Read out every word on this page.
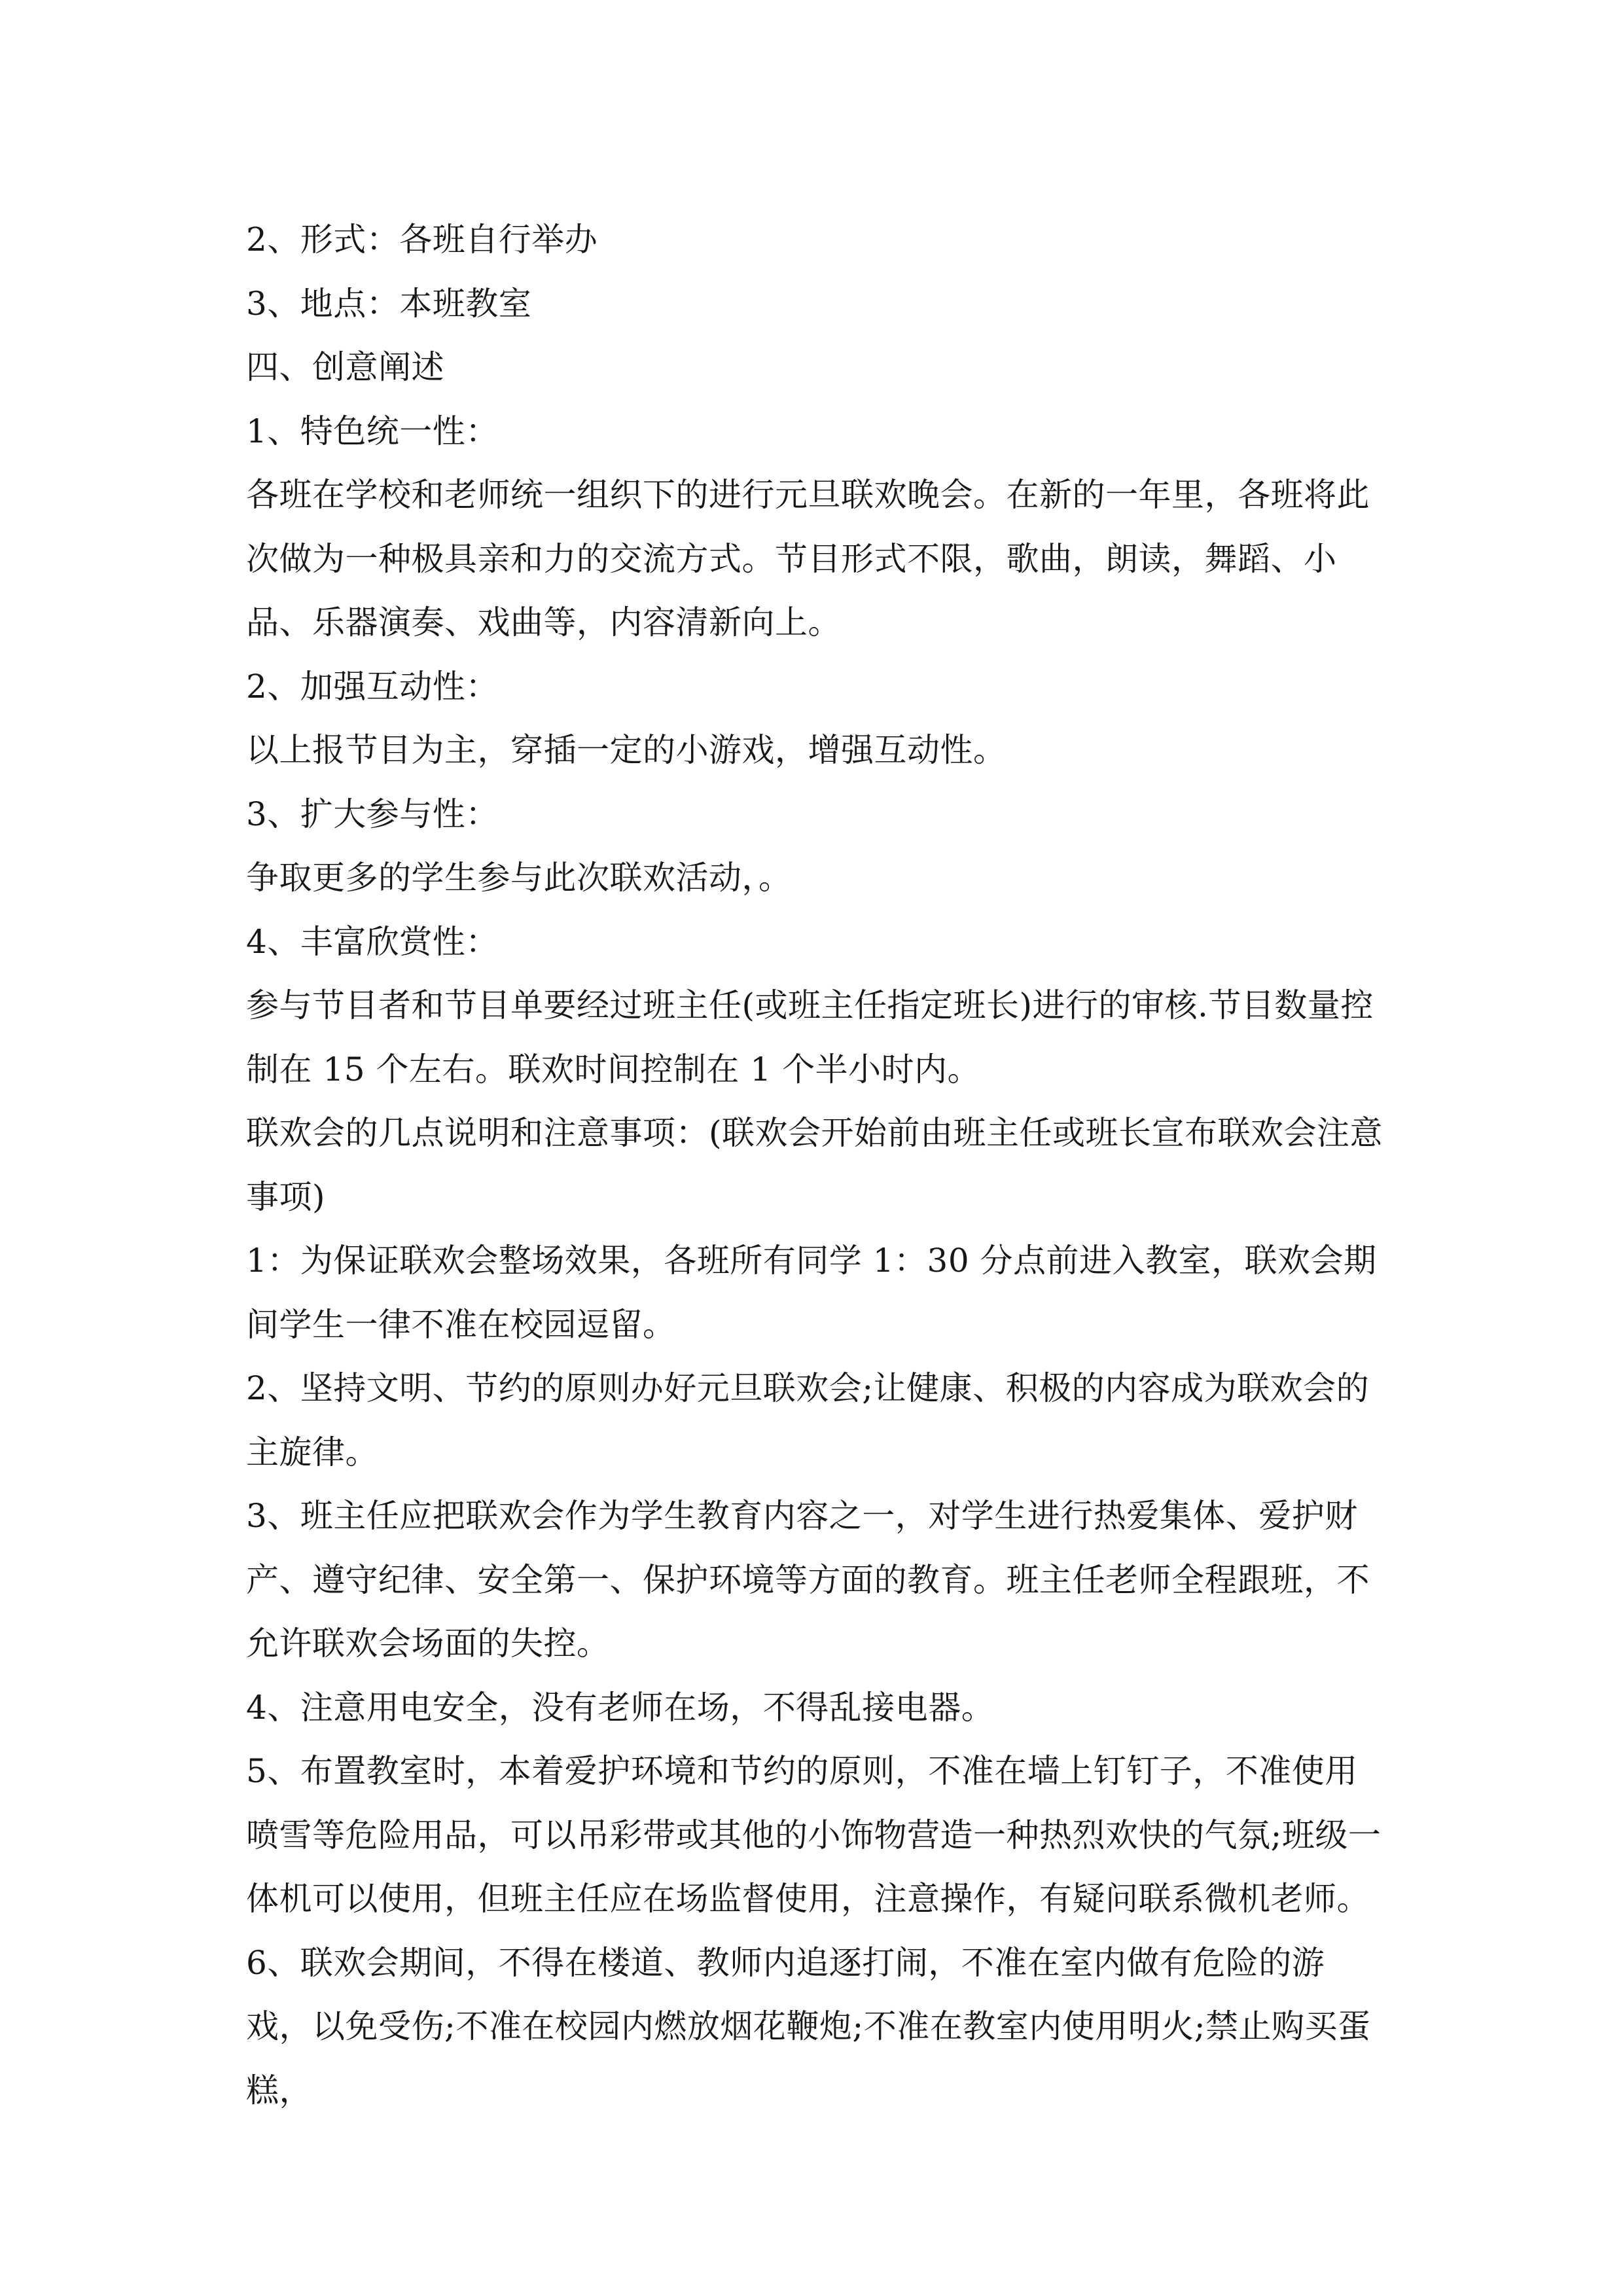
2、形式：各班自行举办

3、地点：本班教室

四、创意阐述

1、特色统一性：

各班在学校和老师统一组织下的进行元旦联欢晚会。在新的一年里，各班将此次做为一种极具亲和力的交流方式。节目形式不限，歌曲，朗读，舞蹈、小品、乐器演奏、戏曲等，内容清新向上。

2、加强互动性：

以上报节目为主，穿插一定的小游戏，增强互动性。

3、扩大参与性：

争取更多的学生参与此次联欢活动，。

4、丰富欣赏性：

参与节目者和节目单要经过班主任(或班主任指定班长)进行的审核.节目数量控制在 15 个左右。联欢时间控制在 1 个半小时内。

联欢会的几点说明和注意事项：(联欢会开始前由班主任或班长宣布联欢会注意事项)

1：为保证联欢会整场效果，各班所有同学 1：30 分点前进入教室，联欢会期间学生一律不准在校园逗留。

2、坚持文明、节约的原则办好元旦联欢会;让健康、积极的内容成为联欢会的主旋律。

3、班主任应把联欢会作为学生教育内容之一，对学生进行热爱集体、爱护财产、遵守纪律、安全第一、保护环境等方面的教育。班主任老师全程跟班，不允许联欢会场面的失控。

4、注意用电安全，没有老师在场，不得乱接电器。

5、布置教室时，本着爱护环境和节约的原则，不准在墙上钉钉子，不准使用喷雪等危险用品，可以吊彩带或其他的小饰物营造一种热烈欢快的气氛;班级一体机可以使用，但班主任应在场监督使用，注意操作，有疑问联系微机老师。

6、联欢会期间，不得在楼道、教师内追逐打闹，不准在室内做有危险的游戏，以免受伤;不准在校园内燃放烟花鞭炮;不准在教室内使用明火;禁止购买蛋糕，
